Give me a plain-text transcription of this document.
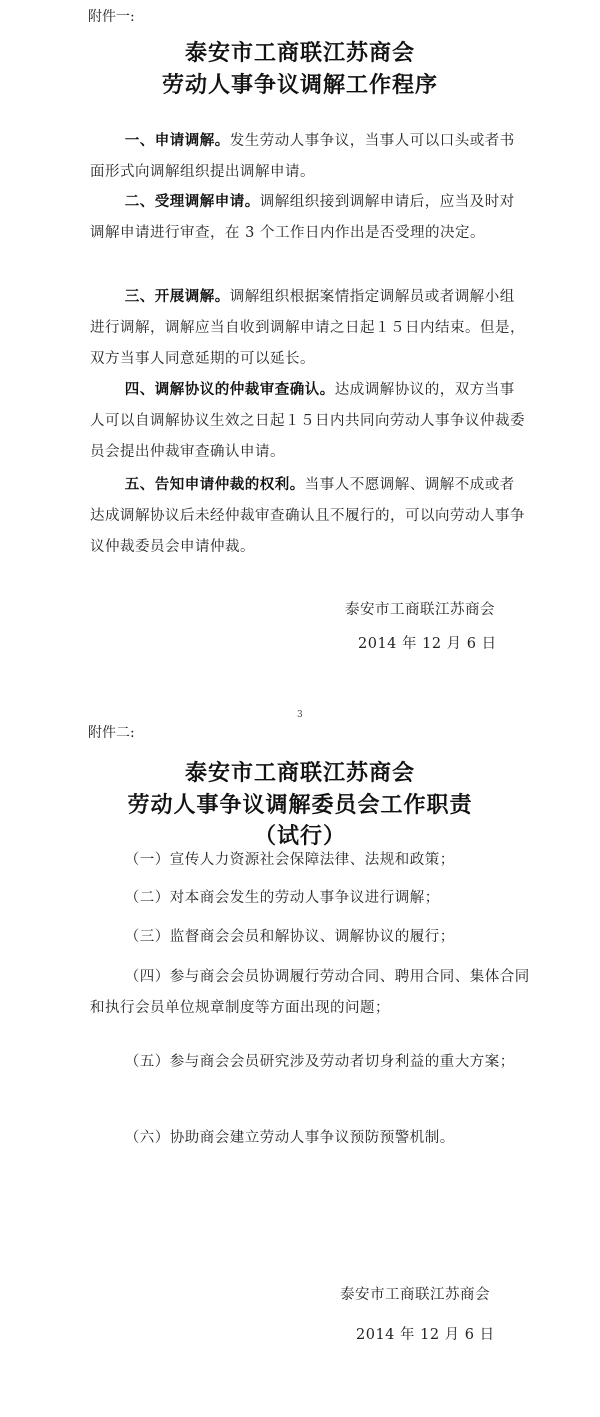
附件一:
泰安市工商联江苏商会
劳动人事争议调解工作程序

一、申请调解。发生劳动人事争议，当事人可以口头或者书面形式向调解组织提出调解申请。

二、受理调解申请。调解组织接到调解申请后，应当及时对调解申请进行审查，在 3 个工作日内作出是否受理的决定。

三、开展调解。调解组织根据案情指定调解员或者调解小组进行调解，调解应当自收到调解申请之日起１５日内结束。但是，双方当事人同意延期的可以延长。

四、调解协议的仲裁审查确认。达成调解协议的，双方当事人可以自调解协议生效之日起１５日内共同向劳动人事争议仲裁委员会提出仲裁审查确认申请。

五、告知申请仲裁的权利。当事人不愿调解、调解不成或者达成调解协议后未经仲裁审查确认且不履行的，可以向劳动人事争议仲裁委员会申请仲裁。

泰安市工商联江苏商会
2014 年 12 月 6 日
3
附件二:
泰安市工商联江苏商会
劳动人事争议调解委员会工作职责
（试行）

（一）宣传人力资源社会保障法律、法规和政策；

（二）对本商会发生的劳动人事争议进行调解；

（三）监督商会会员和解协议、调解协议的履行；

（四）参与商会会员协调履行劳动合同、聘用合同、集体合同和执行会员单位规章制度等方面出现的问题；

（五）参与商会会员研究涉及劳动者切身利益的重大方案；

（六）协助商会建立劳动人事争议预防预警机制。

泰安市工商联江苏商会
2014 年 12 月 6 日
